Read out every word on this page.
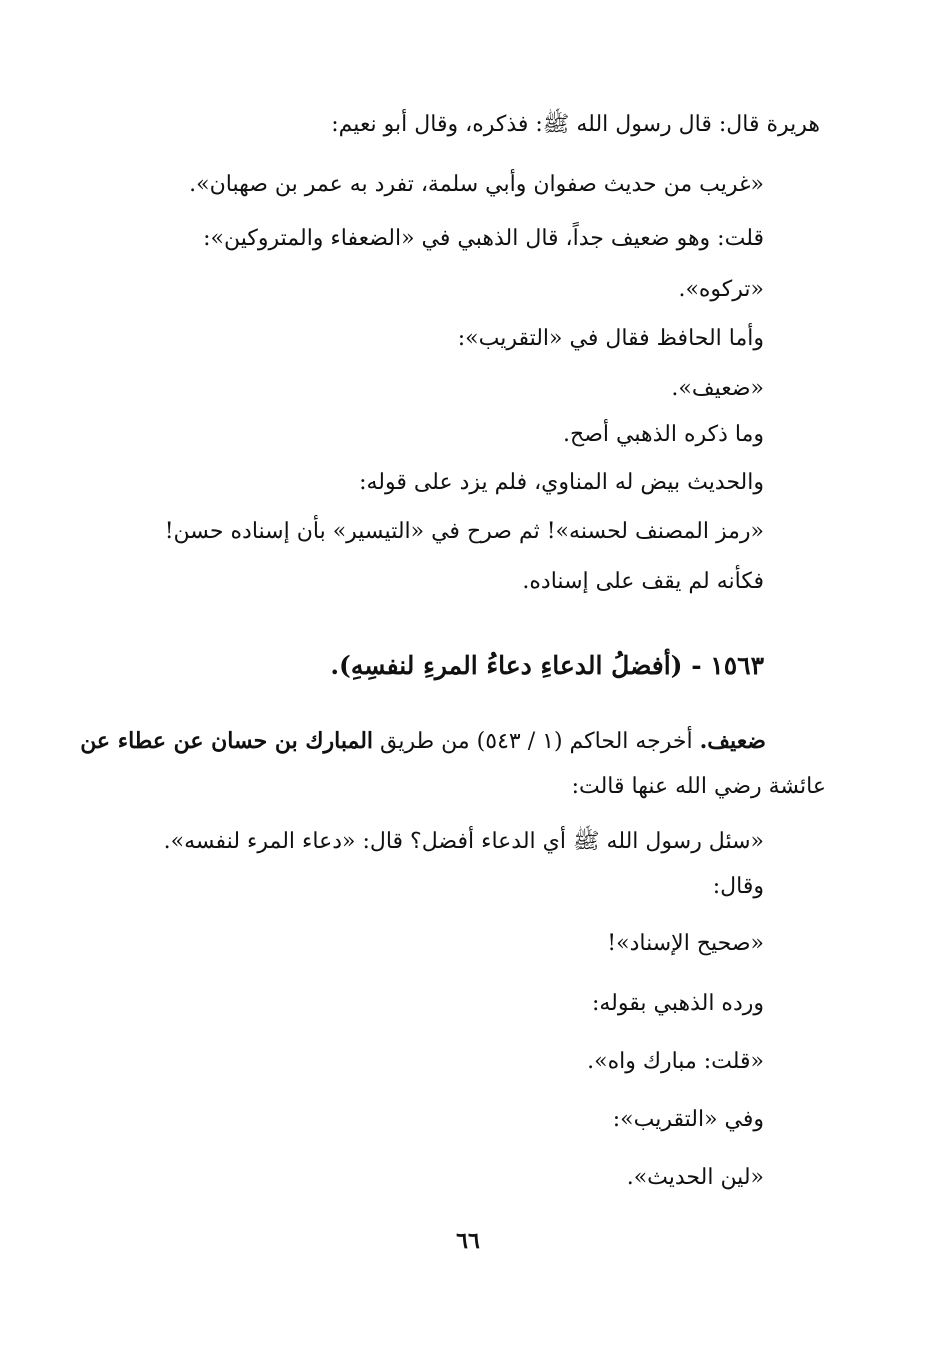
هريرة قال: قال رسول الله ﷺ: فذكره، وقال أبو نعيم:
«غريب من حديث صفوان وأبي سلمة، تفرد به عمر بن صهبان».
قلت: وهو ضعيف جداً، قال الذهبي في «الضعفاء والمتروكين»:
«تركوه».
وأما الحافظ فقال في «التقريب»:
«ضعيف».
وما ذكره الذهبي أصح.
والحديث بيض له المناوي، فلم يزد على قوله:
«رمز المصنف لحسنه»! ثم صرح في «التيسير» بأن إسناده حسن!
فكأنه لم يقف على إسناده.
١٥٦٣ - (أفضلُ الدعاءِ دعاءُ المرءِ لنفسِهِ).
ضعيف. أخرجه الحاكم (١ / ٥٤٣) من طريق المبارك بن حسان عن عطاء عن
عائشة رضي الله عنها قالت:
«سئل رسول الله ﷺ أي الدعاء أفضل؟ قال: «دعاء المرء لنفسه».
وقال:
«صحيح الإسناد»!
ورده الذهبي بقوله:
«قلت: مبارك واه».
وفي «التقريب»:
«لين الحديث».
٦٦
